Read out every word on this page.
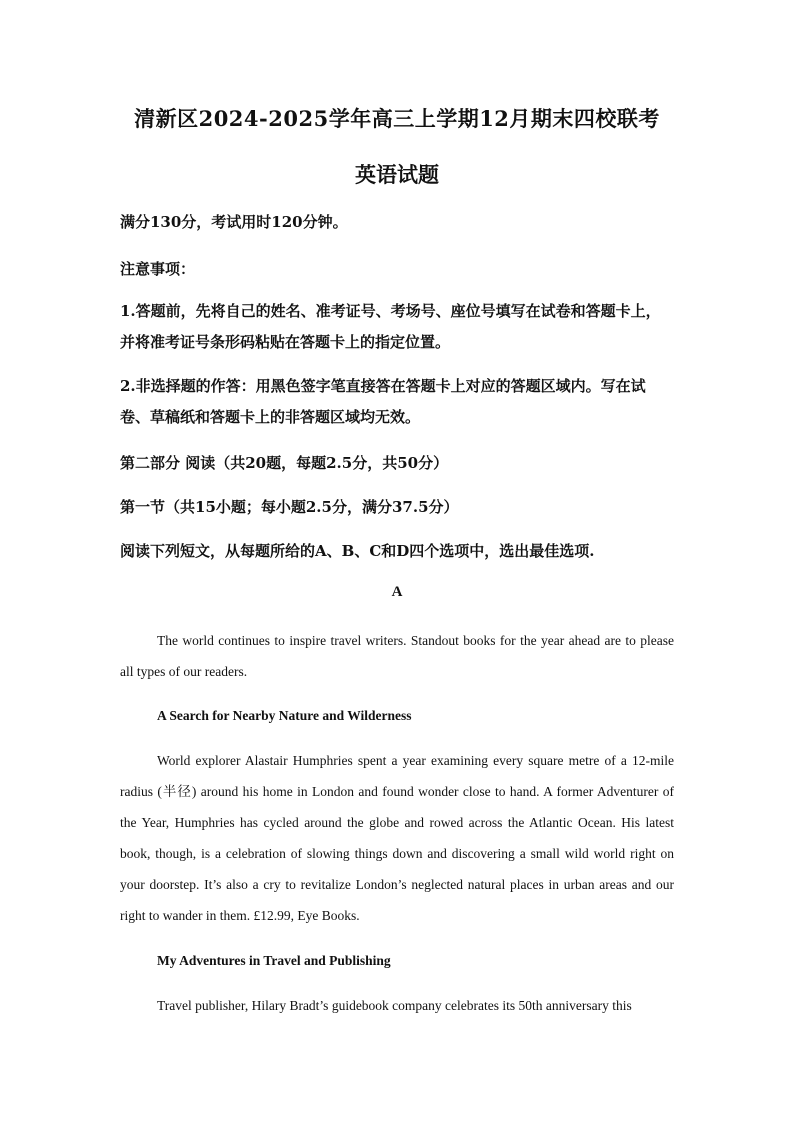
清新区2024-2025学年高三上学期12月期末四校联考
英语试题
满分130分，考试用时120分钟。
注意事项：
1.答题前，先将自己的姓名、准考证号、考场号、座位号填写在试卷和答题卡上，并将准考证号条形码粘贴在答题卡上的指定位置。
2.非选择题的作答：用黑色签字笔直接答在答题卡上对应的答题区域内。写在试卷、草稿纸和答题卡上的非答题区域均无效。
第二部分 阅读（共20题，每题2.5分，共50分）
第一节（共15小题；每小题2.5分，满分37.5分）
阅读下列短文，从每题所给的A、B、C和D四个选项中，选出最佳选项.
A
The world continues to inspire travel writers. Standout books for the year ahead are to please all types of our readers.
A Search for Nearby Nature and Wilderness
World explorer Alastair Humphries spent a year examining every square metre of a 12-mile radius (半径) around his home in London and found wonder close to hand. A former Adventurer of the Year, Humphries has cycled around the globe and rowed across the Atlantic Ocean. His latest book, though, is a celebration of slowing things down and discovering a small wild world right on your doorstep. It’s also a cry to revitalize London’s neglected natural places in urban areas and our right to wander in them. £12.99, Eye Books.
My Adventures in Travel and Publishing
Travel publisher, Hilary Bradt’s guidebook company celebrates its 50th anniversary this
